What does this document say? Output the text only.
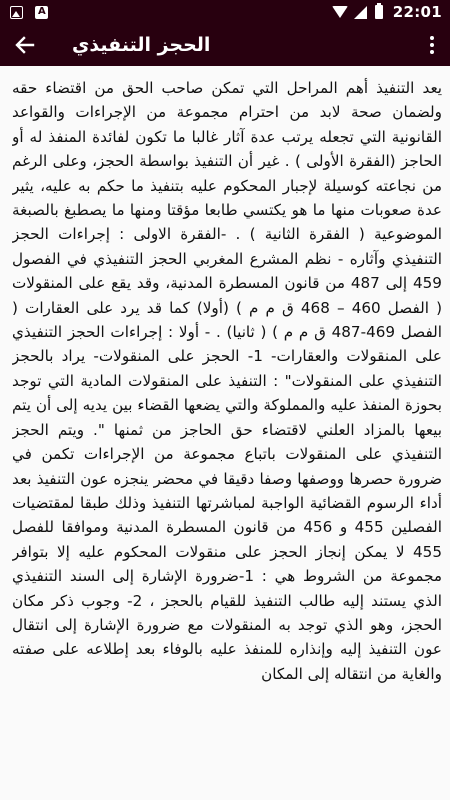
A	22:01
الحجز التنفيذي

يعد التنفيذ أهم المراحل التي تمكن صاحب الحق من اقتضاء حقه ولضمان صحة لابد من احترام مجموعة من الإجراءات والقواعد القانونية التي تجعله يرتب عدة آثار غالبا ما تكون لفائدة المنفذ له أو الحاجز (الفقرة الأولى ) . غير أن التنفيذ بواسطة الحجز، وعلى الرغم من نجاعته كوسيلة لإجبار المحكوم عليه بتنفيذ ما حكم به عليه، يثير عدة صعوبات منها ما هو يكتسي طابعا مؤقتا ومنها ما يصطبغ بالصبغة الموضوعية ( الفقرة الثانية ) . -الفقرة الاولى : إجراءات الحجز التنفيذي وآثاره - نظم المشرع المغربي الحجز التنفيذي في الفصول 459 إلى 487 من قانون المسطرة المدنية، وقد يقع على المنقولات ( الفصل 460 – 468 ق م م ) (أولا) كما قد يرد على العقارات ( الفصل 469-487 ق م م ) ( ثانيا) . - أولا : إجراءات الحجز التنفيذي على المنقولات والعقارات- 1- الحجز على المنقولات- يراد بالحجز التنفيذي على المنقولات" : التنفيذ على المنقولات المادية التي توجد بحوزة المنفذ عليه والمملوكة والتي يضعها القضاء بين يديه إلى أن يتم بيعها بالمزاد العلني لاقتضاء حق الحاجز من ثمنها ". ويتم الحجز التنفيذي على المنقولات باتباع مجموعة من الإجراءات تكمن في ضرورة حصرها ووصفها وصفا دقيقا في محضر ينجزه عون التنفيذ بعد أداء الرسوم القضائية الواجبة لمباشرتها التنفيذ وذلك طبقا لمقتضيات الفصلين 455 و 456 من قانون المسطرة المدنية وموافقا للفصل 455 لا يمكن إنجاز الحجز على منقولات المحكوم عليه إلا بتوافر مجموعة من الشروط هي : 1-ضرورة الإشارة إلى السند التنفيذي الذي يستند إليه طالب التنفيذ للقيام بالحجز ، 2- وجوب ذكر مكان الحجز، وهو الذي توجد به المنقولات مع ضرورة الإشارة إلى انتقال عون التنفيذ إليه وإنذاره للمنفذ عليه بالوفاء بعد إطلاعه على صفته والغاية من انتقاله إلى المكان
